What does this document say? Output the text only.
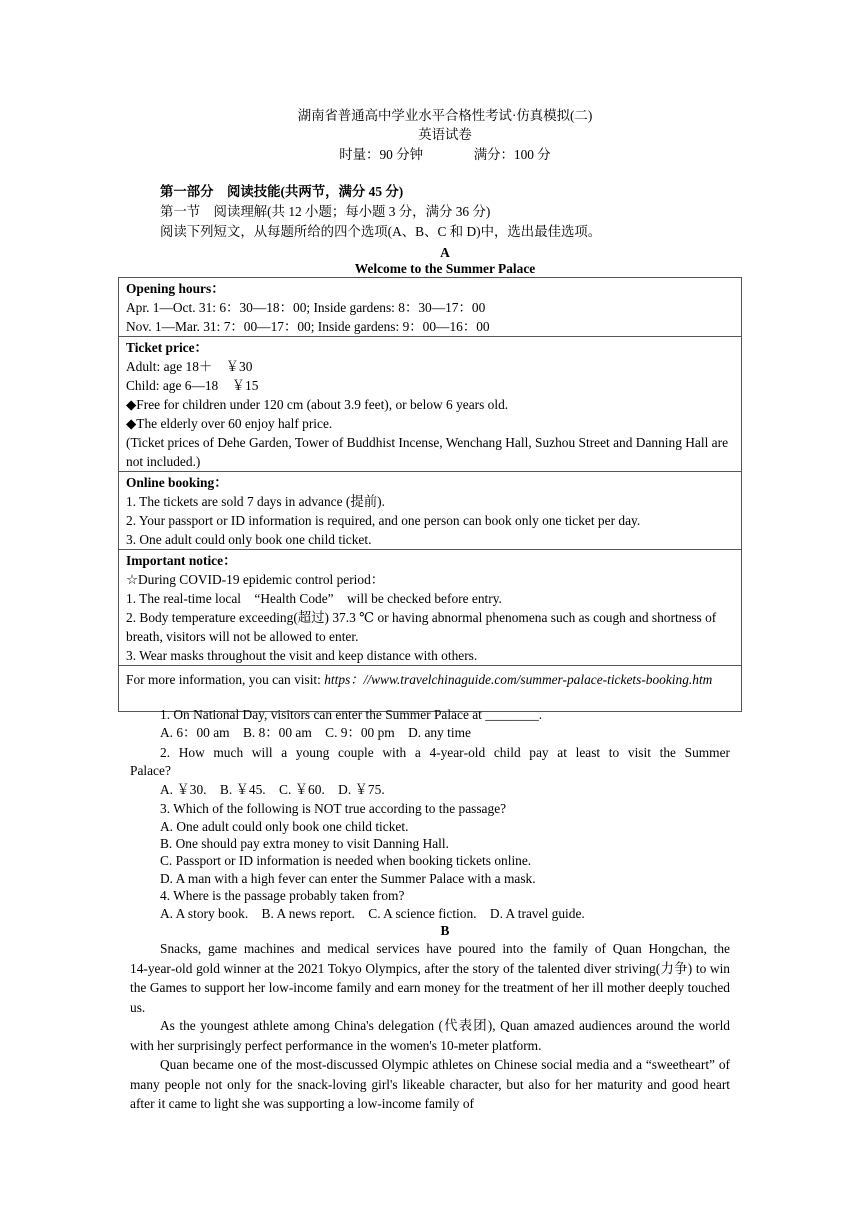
湖南省普通高中学业水平合格性考试·仿真模拟(二)
英语试卷
时量：90 分钟	满分：100 分
第一部分　阅读技能(共两节，满分 45 分)
第一节　阅读理解(共 12 小题；每小题 3 分，满分 36 分)
阅读下列短文，从每题所给的四个选项(A、B、C 和 D)中，选出最佳选项。
A
Welcome to the Summer Palace
Opening hours：
Apr. 1—Oct. 31: 6：30—18：00; Inside gardens: 8：30—17：00
Nov. 1—Mar. 31: 7：00—17：00; Inside gardens: 9：00—16：00

Ticket price：
Adult: age 18＋　￥30
Child: age 6—18　￥15
◆Free for children under 120 cm (about 3.9 feet), or below 6 years old.
◆The elderly over 60 enjoy half price.
(Ticket prices of Dehe Garden, Tower of Buddhist Incense, Wenchang Hall, Suzhou Street and Danning Hall are not included.)

Online booking：
1. The tickets are sold 7 days in advance (提前).
2. Your passport or ID information is required, and one person can book only one ticket per day.
3. One adult could only book one child ticket.

Important notice：
☆During COVID‑19 epidemic control period：
1. The real‑time local　“Health Code”　will be checked before entry.
2. Body temperature exceeding(超过) 37.3 ℃ or having abnormal phenomena such as cough and shortness of breath, visitors will not be allowed to enter.
3. Wear masks throughout the visit and keep distance with others.

For more information, you can visit: https：//www.travelchinaguide.com/summer-palace‑tickets-booking.htm
1. On National Day, visitors can enter the Summer Palace at ________.
A. 6：00 am　B. 8：00 am　C. 9：00 pm　D. any time
2. How much will a young couple with a 4‑year‑old child pay at least to visit the Summer
Palace?
A. ￥30.　B. ￥45.　C. ￥60.　D. ￥75.
3. Which of the following is NOT true according to the passage?
A. One adult could only book one child ticket.
B. One should pay extra money to visit Danning Hall.
C. Passport or ID information is needed when booking tickets online.
D. A man with a high fever can enter the Summer Palace with a mask.
4. Where is the passage probably taken from?
A. A story book.　B. A news report.　C. A science fiction.　D. A travel guide.
B
Snacks, game machines and medical services have poured into the family of Quan Hongchan, the 14‑year‑old gold winner at the 2021 Tokyo Olympics, after the story of the talented diver striving(力争) to win the Games to support her low-income family and earn money for the treatment of her ill mother deeply touched us.
As the youngest athlete among China's delegation (代表团), Quan amazed audiences around the world with her surprisingly perfect performance in the women's 10‑meter platform.
Quan became one of the most‑discussed Olympic athletes on Chinese social media and a “sweetheart” of many people not only for the snack-loving girl's likeable character, but also for her maturity and good heart after it came to light she was supporting a low‑income family of
